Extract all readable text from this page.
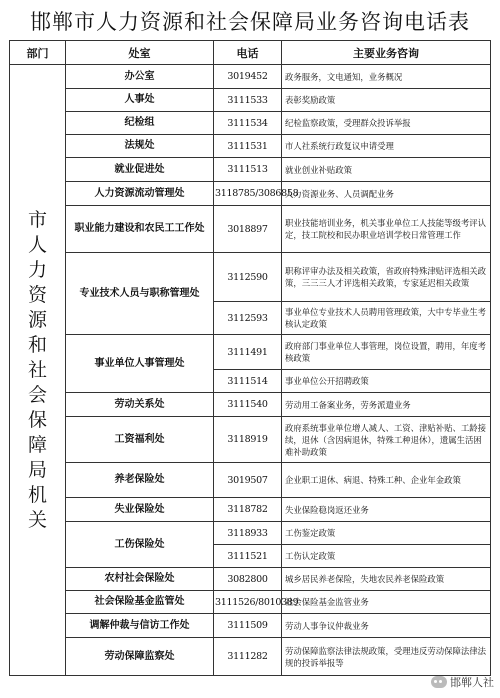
邯郸市人力资源和社会保障局业务咨询电话表
部门	处室	电话	主要业务咨询
市人力资源和社会保障局机关	办公室	3019452	政务服务，文电通知，业务概况
	人事处	3111533	表彰奖励政策
	纪检组	3111534	纪检监察政策，受理群众投诉举报
	法规处	3111531	市人社系统行政复议申请受理
	就业促进处	3111513	就业创业补贴政策
	人力资源流动管理处	3118785/3086858	人力资源业务、人员调配业务
	职业能力建设和农民工工作处	3018897	职业技能培训业务，机关事业单位工人技能等级考评认定，技工院校和民办职业培训学校日常管理工作
	专业技术人员与职称管理处	3112590	职称评审办法及相关政策，省政府特殊津贴评选相关政策，三三三人才评选相关政策，专家延迟相关政策
		3112593	事业单位专业技术人员聘用管理政策，大中专毕业生考核认定政策
	事业单位人事管理处	3111491	政府部门事业单位人事管理，岗位设置，聘用，年度考核政策
		3111514	事业单位公开招聘政策
	劳动关系处	3111540	劳动用工备案业务，劳务派遣业务
	工资福利处	3118919	政府系统事业单位增人减人、工资、津贴补贴、工龄接续，退休（含因病退休，特殊工种退休），遗属生活困难补助政策
	养老保险处	3019507	企业职工退休、病退、特殊工种、企业年金政策
	失业保险处	3118782	失业保险稳岗返还业务
	工伤保险处	3118933	工伤鉴定政策
		3111521	工伤认定政策
	农村社会保险处	3082800	城乡居民养老保险，失地农民养老保险政策
	社会保险基金监管处	3111526/8010389	社会保险基金监管业务
	调解仲裁与信访工作处	3111509	劳动人事争议仲裁业务
	劳动保障监察处	3111282	劳动保障监察法律法规政策，受理违反劳动保障法律法规的投诉举报等
邯郸人社
